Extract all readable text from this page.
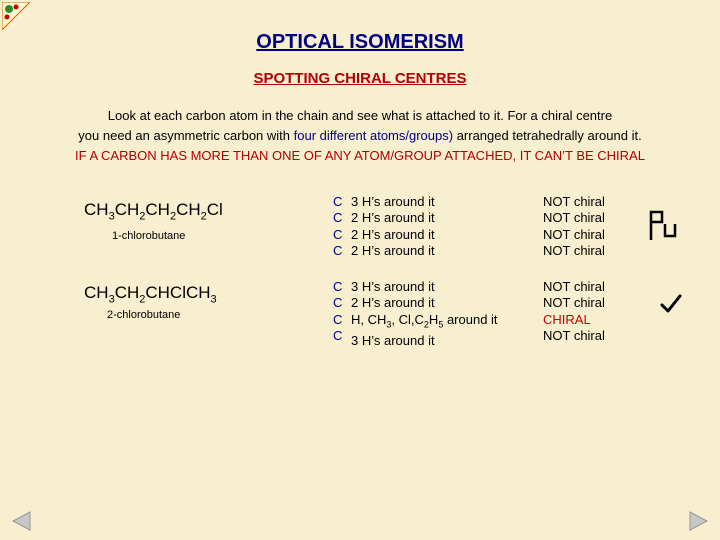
OPTICAL ISOMERISM
SPOTTING CHIRAL CENTRES
Look at each carbon atom in the chain and see what is attached to it. For a chiral centre
you need an asymmetric carbon with four different atoms/groups) arranged tetrahedrally around it.
IF A CARBON HAS MORE THAN ONE OF ANY ATOM/GROUP ATTACHED, IT CAN’T BE CHIRAL
$CH_3CH_2CH_2CH_2Cl$
1-chlorobutane
C
C
C
C
3 H’s around it
2 H’s around it
2 H’s around it
2 H’s around it
NOT chiral
NOT chiral
NOT chiral
NOT chiral
$CH_3CH_2CHClCH_3$
2-chlorobutane
C
C
C
C
3 H’s around it
2 H’s around it
H, $CH_3$, $Cl,C_2H_5$ around it
3 H’s around it
NOT chiral
NOT chiral
CHIRAL
NOT chiral
